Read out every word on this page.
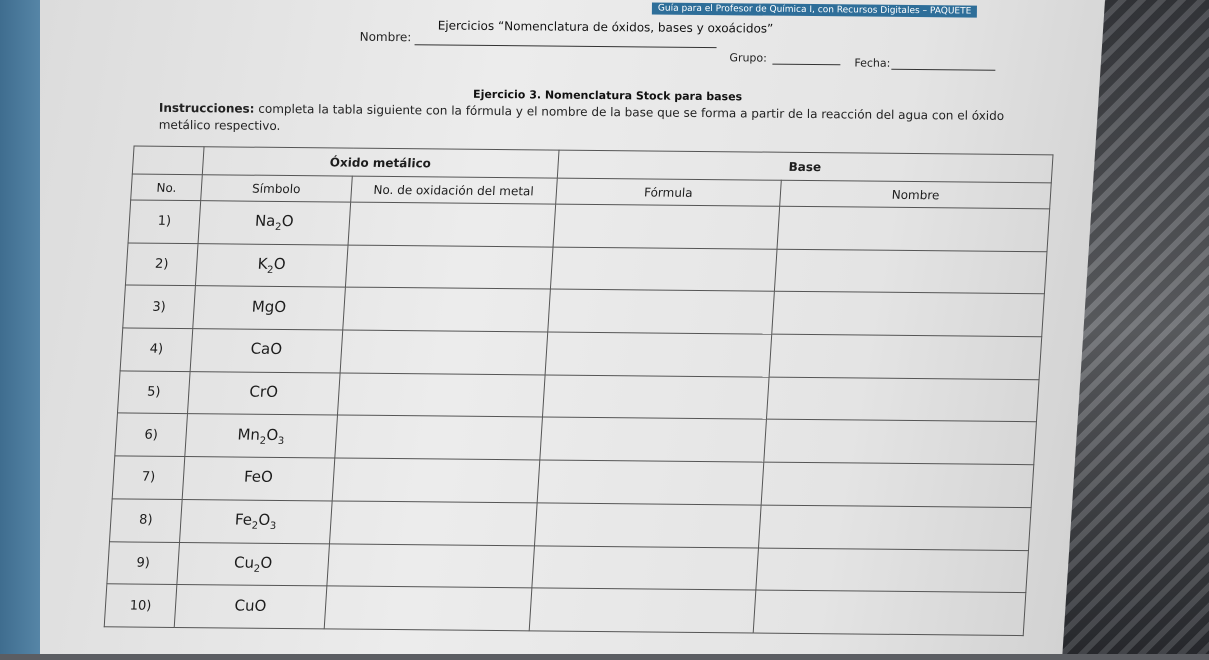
Guía para el Profesor de Química I, con Recursos Digitales – PAQUETE
Ejercicios “Nomenclatura de óxidos, bases y oxoácidos”
Nombre:
Grupo:	Fecha:
Ejercicio 3. Nomenclatura Stock para bases
Instrucciones: completa la tabla siguiente con la fórmula y el nombre de la base que se forma a partir de la reacción del agua con el óxido metálico respectivo.
	Óxido metálico		Base	
No.	Símbolo	No. de oxidación del metal	Fórmula	Nombre
1)	$Na_2O$			
2)	$K_2O$			
3)	MgO			
4)	CaO			
5)	CrO			
6)	$Mn_2O_3$			
7)	FeO			
8)	$Fe_2O_3$			
9)	$Cu_2O$			
10)	CuO			
